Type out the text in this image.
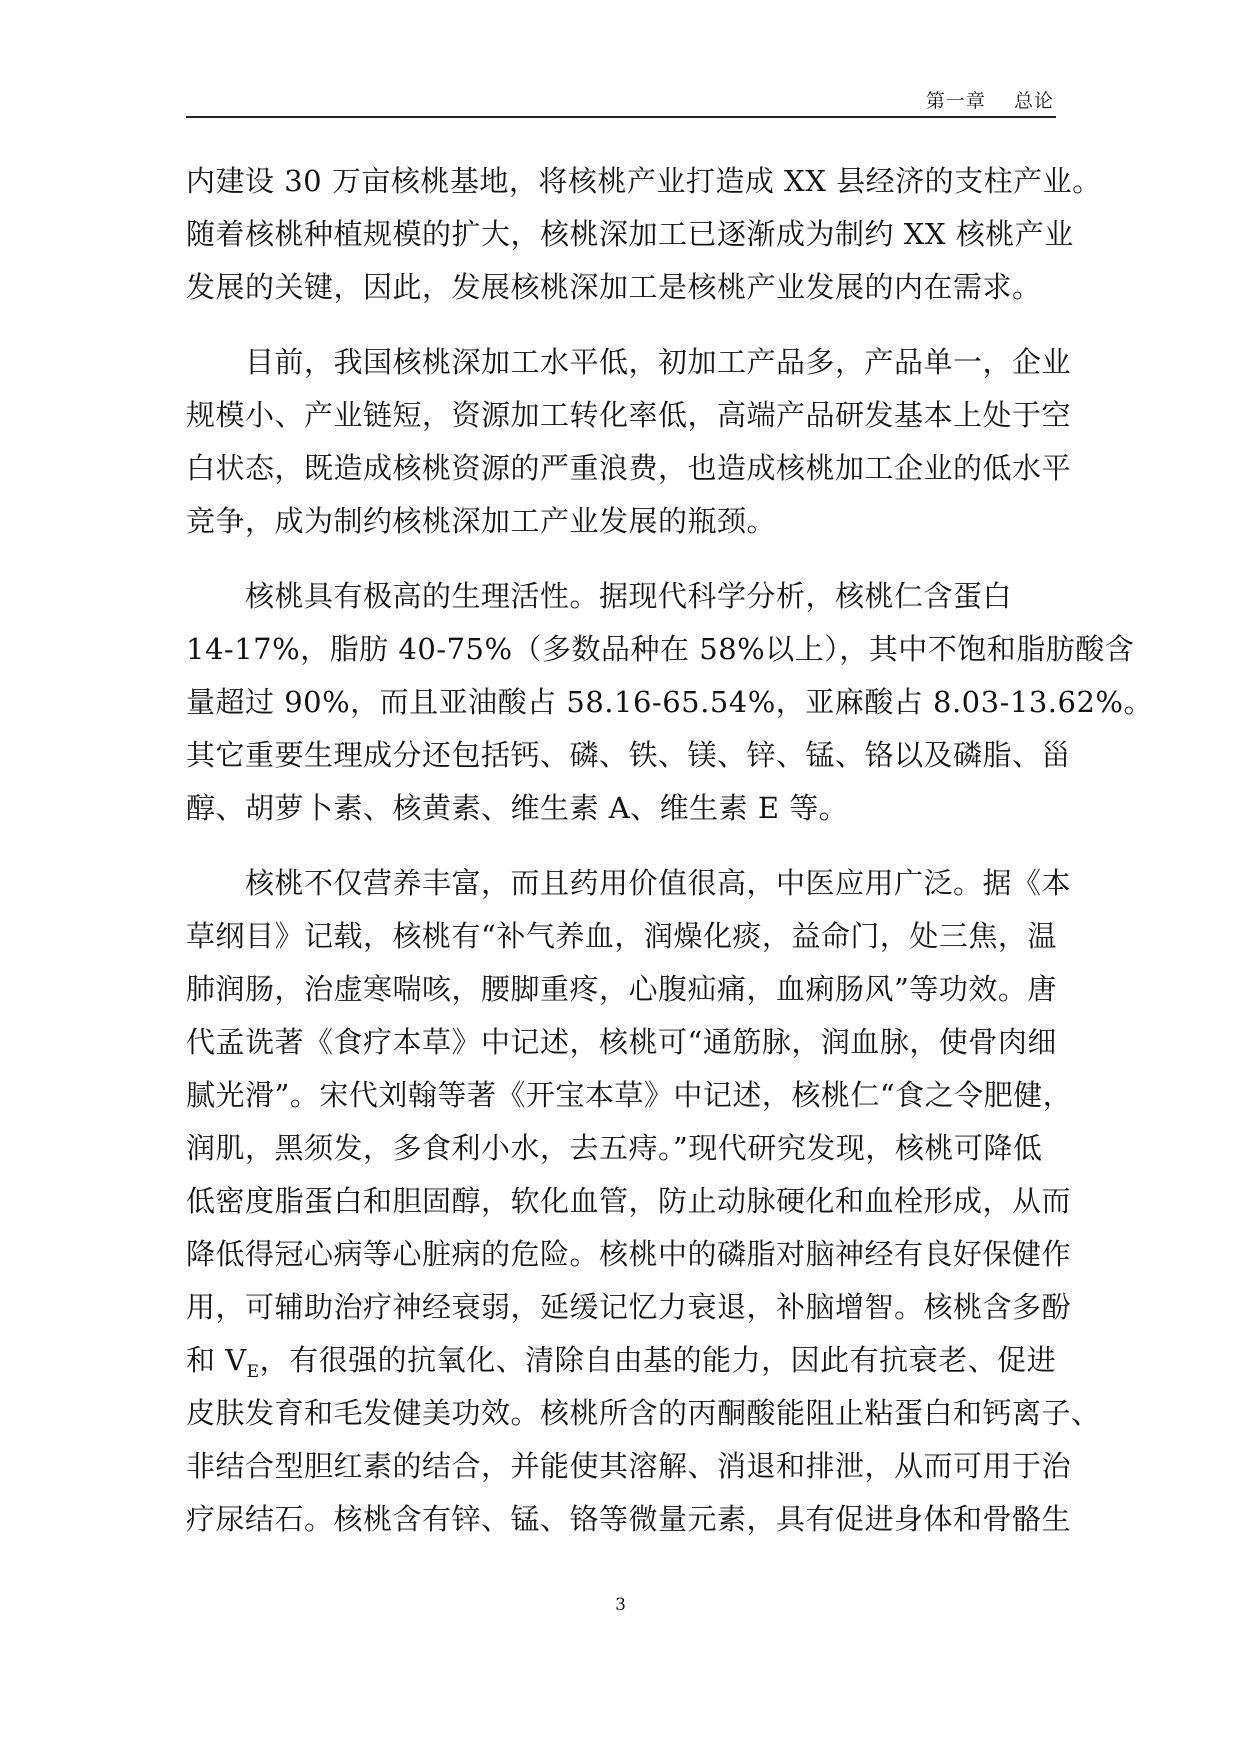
第一章    总论
内建设 30 万亩核桃基地，将核桃产业打造成 XX 县经济的支柱产业。
随着核桃种植规模的扩大，核桃深加工已逐渐成为制约 XX 核桃产业
发展的关键，因此，发展核桃深加工是核桃产业发展的内在需求。
目前，我国核桃深加工水平低，初加工产品多，产品单一，企业
规模小、产业链短，资源加工转化率低，高端产品研发基本上处于空
白状态，既造成核桃资源的严重浪费，也造成核桃加工企业的低水平
竞争，成为制约核桃深加工产业发展的瓶颈。
核桃具有极高的生理活性。据现代科学分析，核桃仁含蛋白
14-17%，脂肪 40-75%（多数品种在 58%以上），其中不饱和脂肪酸含
量超过 90%，而且亚油酸占 58.16-65.54%，亚麻酸占 8.03-13.62%。
其它重要生理成分还包括钙、磷、铁、镁、锌、锰、铬以及磷脂、甾
醇、胡萝卜素、核黄素、维生素 A、维生素 E 等。
核桃不仅营养丰富，而且药用价值很高，中医应用广泛。据《本
草纲目》记载，核桃有“补气养血，润燥化痰，益命门，处三焦，温
肺润肠，治虚寒喘咳，腰脚重疼，心腹疝痛，血痢肠风”等功效。唐
代孟诜著《食疗本草》中记述，核桃可“通筋脉，润血脉，使骨肉细
腻光滑”。宋代刘翰等著《开宝本草》中记述，核桃仁“食之令肥健，
润肌，黑须发，多食利小水，去五痔。”现代研究发现，核桃可降低
低密度脂蛋白和胆固醇，软化血管，防止动脉硬化和血栓形成，从而
降低得冠心病等心脏病的危险。核桃中的磷脂对脑神经有良好保健作
用，可辅助治疗神经衰弱，延缓记忆力衰退，补脑增智。核桃含多酚
和 $V_E$，有很强的抗氧化、清除自由基的能力，因此有抗衰老、促进
皮肤发育和毛发健美功效。核桃所含的丙酮酸能阻止粘蛋白和钙离子、
非结合型胆红素的结合，并能使其溶解、消退和排泄，从而可用于治
疗尿结石。核桃含有锌、锰、铬等微量元素，具有促进身体和骨骼生
3
